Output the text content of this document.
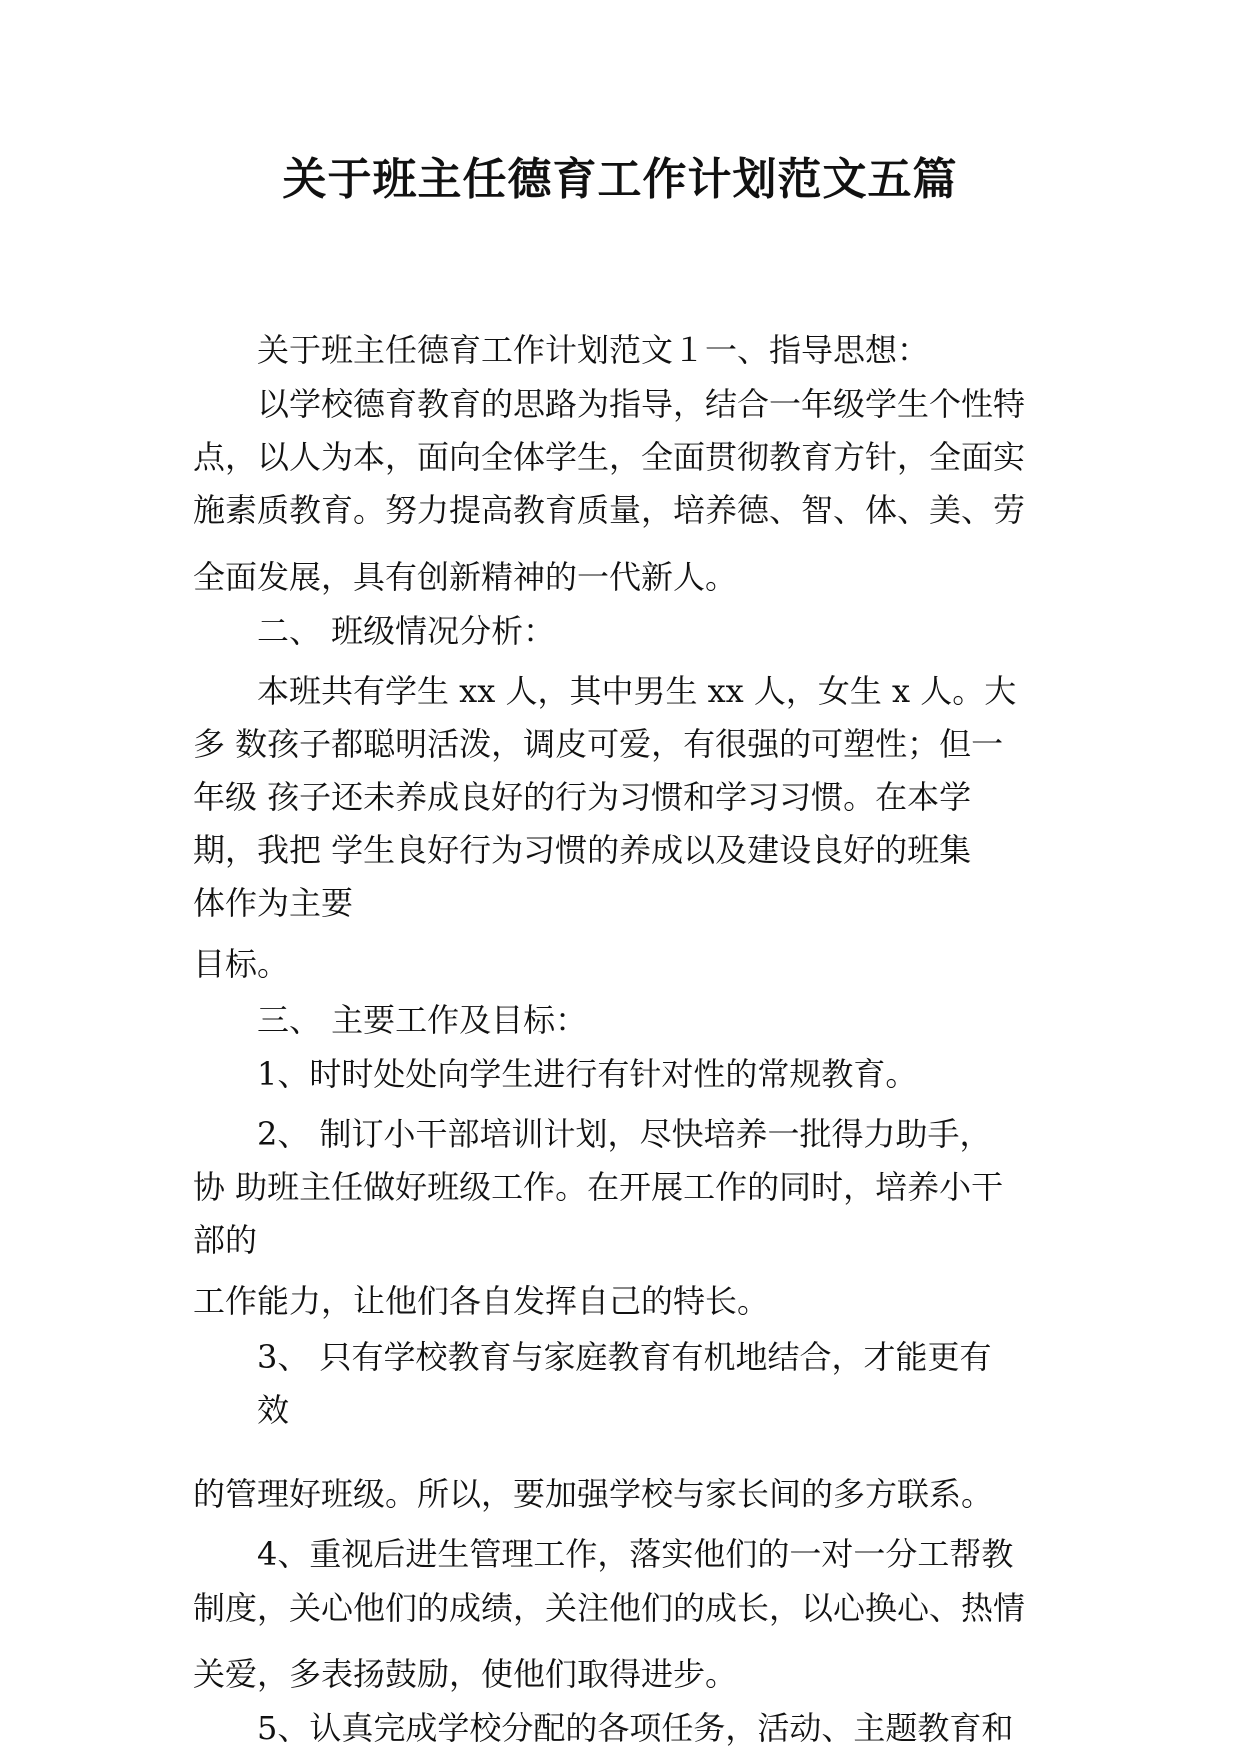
关于班主任德育工作计划范文五篇

关于班主任德育工作计划范文１一、指导思想：

以学校德育教育的思路为指导，结合一年级学生个性特

点，以人为本，面向全体学生，全面贯彻教育方针，全面实

施素质教育。努力提高教育质量，培养德、智、体、美、劳

全面发展，具有创新精神的一代新人。

二、 班级情况分析：

本班共有学生 xx 人，其中男生 xx 人，女生 x 人。大

多 数孩子都聪明活泼，调皮可爱，有很强的可塑性；但一

年级 孩子还未养成良好的行为习惯和学习习惯。在本学

期，我把 学生良好行为习惯的养成以及建设良好的班集

体作为主要

目标。

三、 主要工作及目标：

1、时时处处向学生进行有针对性的常规教育。

2、 制订小干部培训计划，尽快培养一批得力助手，

协 助班主任做好班级工作。在开展工作的同时，培养小干

部的

工作能力，让他们各自发挥自己的特长。

3、 只有学校教育与家庭教育有机地结合，才能更有

效

的管理好班级。所以，要加强学校与家长间的多方联系。

4、重视后进生管理工作，落实他们的一对一分工帮教

制度，关心他们的成绩，关注他们的成长，以心换心、热情

关爱，多表扬鼓励，使他们取得进步。

5、认真完成学校分配的各项任务，活动、主题教育和
